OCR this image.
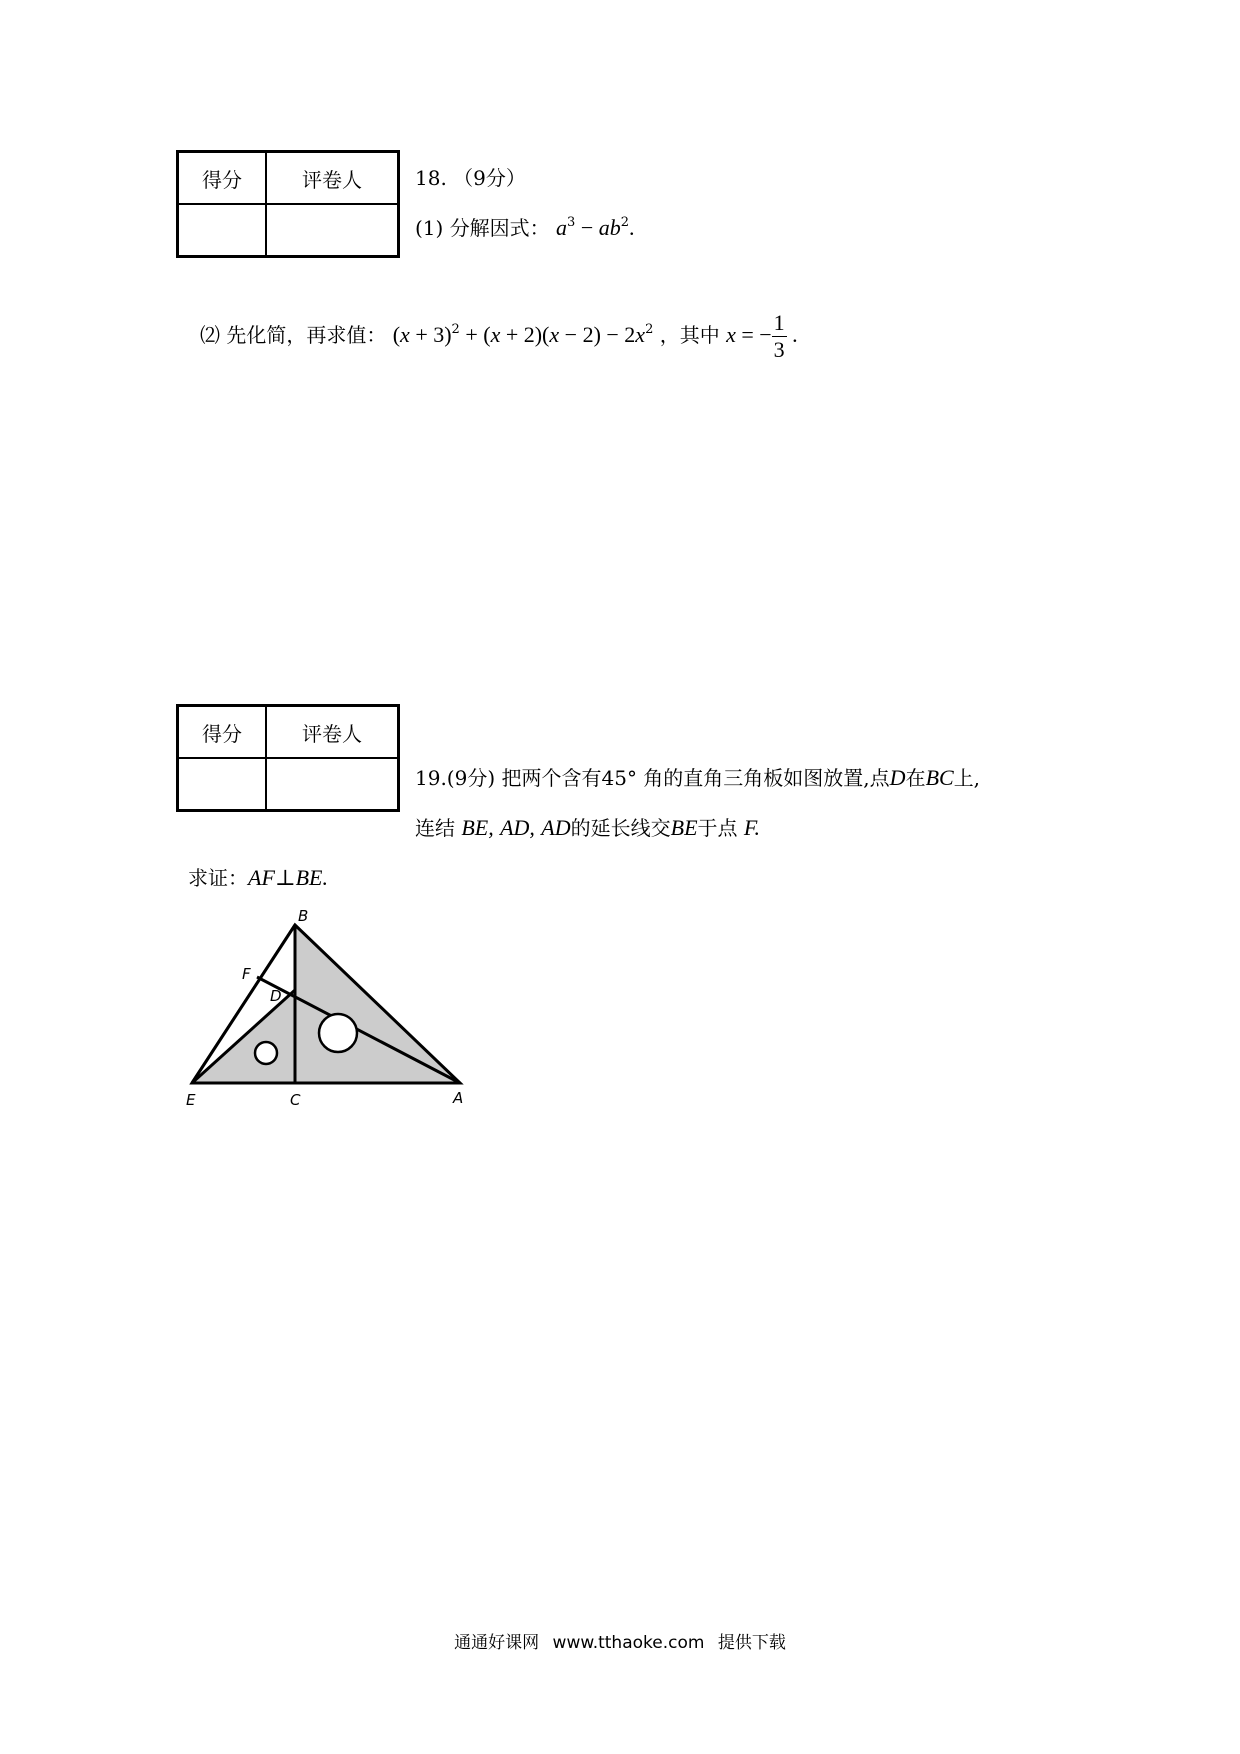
得分	评卷人
		18. （9分）
(1) 分解因式： $a^3 - ab^2$.
⑵ 先化简，再求值： $(x + 3)^2 + (x + 2)(x - 2) - 2x^2$ ，其中 x = − $\frac{1}{3}$ .
得分	评卷人

19.(9分) 把两个含有45° 角的直角三角板如图放置,点D在BC上,
连结 BE, AD, AD的延长线交BE于点 F.
求证：AF⊥BE.
B
F
D
E	C	A
通通好课网 www.tthaoke.com 提供下载
